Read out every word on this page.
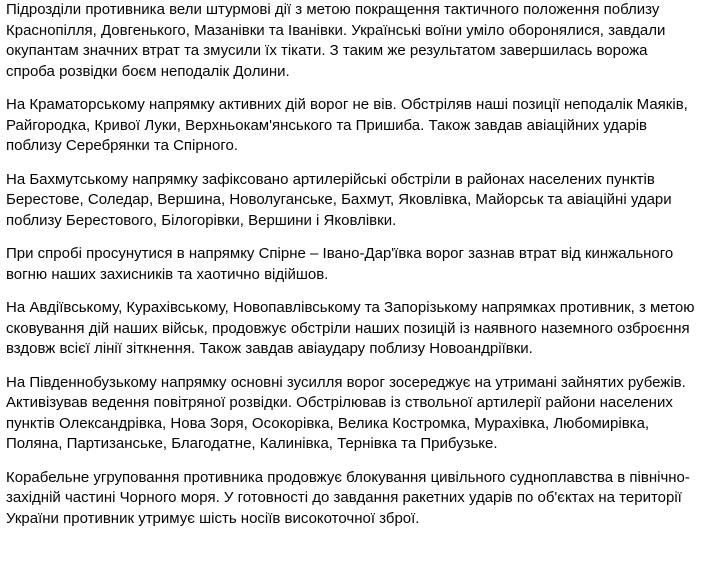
Підрозділи противника вели штурмові дії з метою покращення тактичного положення поблизу Краснопілля, Довгенького, Мазанівки та Іванівки. Українські воїни уміло оборонялися, завдали окупантам значних втрат та змусили їх тікати. З таким же результатом завершилась ворожа спроба розвідки боєм неподалік Долини.

На Краматорському напрямку активних дій ворог не вів. Обстріляв наші позиції неподалік Маяків, Райгородка, Кривої Луки, Верхньокам'янського та Пришиба. Також завдав авіаційних ударів поблизу Серебрянки та Спірного.

На Бахмутському напрямку зафіксовано артилерійські обстріли в районах населених пунктів Берестове, Соледар, Вершина, Новолуганське, Бахмут, Яковлівка, Майорськ та авіаційні удари поблизу Берестового, Білогорівки, Вершини і Яковлівки.

При спробі просунутися в напрямку Спірне – Івано-Дар'ївка ворог зазнав втрат від кинжального вогню наших захисників та хаотично відійшов.

На Авдіївському, Курахівському, Новопавлівському та Запорізькому напрямках противник, з метою сковування дій наших військ, продовжує обстріли наших позицій із наявного наземного озброєння вздовж всієї лінії зіткнення. Також завдав авіаудару поблизу Новоандріївки.

На Південнобузькому напрямку основні зусилля ворог зосереджує на утримані зайнятих рубежів. Активізував ведення повітряної розвідки. Обстрілював із ствольної артилерії райони населених пунктів Олександрівка, Нова Зоря, Осокорівка, Велика Костромка, Мурахівка, Любомирівка, Поляна, Партизанське, Благодатне, Калинівка, Тернівка та Прибузьке.

Корабельне угруповання противника продовжує блокування цивільного судноплавства в північно-західній частині Чорного моря. У готовності до завдання ракетних ударів по об'єктах на території України противник утримує шість носіїв високоточної зброї.
